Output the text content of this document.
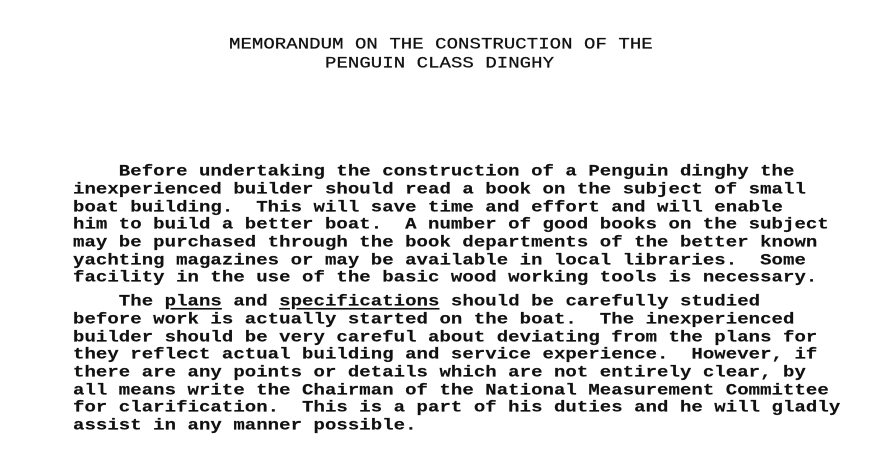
MEMORANDUM ON THE CONSTRUCTION OF THE
PENGUIN CLASS DINGHY
Before undertaking the construction of a Penguin dinghy the
inexperienced builder should read a book on the subject of small
boat building.  This will save time and effort and will enable
him to build a better boat.  A number of good books on the subject
may be purchased through the book departments of the better known
yachting magazines or may be available in local libraries.  Some
facility in the use of the basic wood working tools is necessary.
The plans and specifications should be carefully studied
before work is actually started on the boat.  The inexperienced
builder should be very careful about deviating from the plans for
they reflect actual building and service experience.  However, if
there are any points or details which are not entirely clear, by
all means write the Chairman of the National Measurement Committee
for clarification.  This is a part of his duties and he will gladly
assist in any manner possible.
